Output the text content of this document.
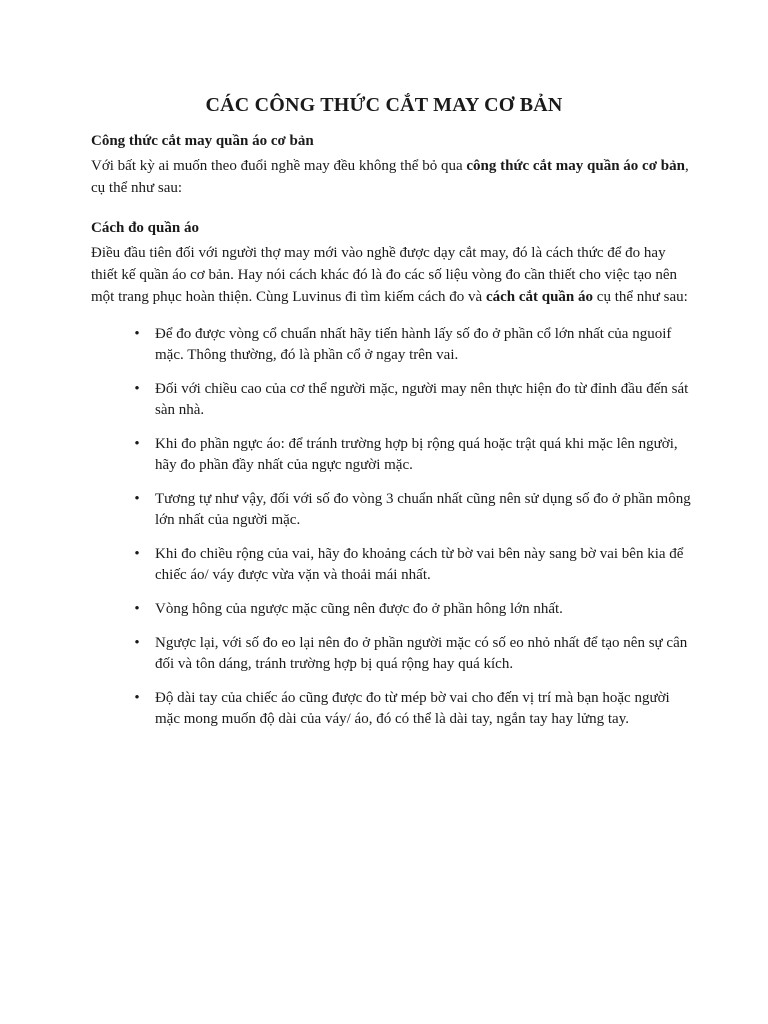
CÁC CÔNG THỨC CẮT MAY CƠ BẢN

Công thức cắt may quần áo cơ bản

Với bất kỳ ai muốn theo đuổi nghề may đều không thể bỏ qua công thức cắt may quần áo cơ bản, cụ thể như sau:

Cách đo quần áo

Điều đầu tiên đối với người thợ may mới vào nghề được dạy cắt may, đó là cách thức để đo hay thiết kế quần áo cơ bản. Hay nói cách khác đó là đo các số liệu vòng đo cần thiết cho việc tạo nên một trang phục hoàn thiện. Cùng Luvinus đi tìm kiếm cách đo và cách cắt quần áo cụ thể như sau:

• Để đo được vòng cổ chuẩn nhất hãy tiến hành lấy số đo ở phần cổ lớn nhất của nguoif mặc. Thông thường, đó là phần cổ ở ngay trên vai.
• Đối với chiều cao của cơ thể người mặc, người may nên thực hiện đo từ đỉnh đầu đến sát sàn nhà.
• Khi đo phần ngực áo: để tránh trường hợp bị rộng quá hoặc trật quá khi mặc lên người, hãy đo phần đầy nhất của ngực người mặc.
• Tương tự như vậy, đối với số đo vòng 3 chuẩn nhất cũng nên sử dụng số đo ở phần mông lớn nhất của người mặc.
• Khi đo chiều rộng của vai, hãy đo khoảng cách từ bờ vai bên này sang bờ vai bên kia để chiếc áo/ váy được vừa vặn và thoải mái nhất.
• Vòng hông của ngược mặc cũng nên được đo ở phần hông lớn nhất.
• Ngược lại, với số đo eo lại nên đo ở phần người mặc có số eo nhỏ nhất để tạo nên sự cân đối và tôn dáng, tránh trường hợp bị quá rộng hay quá kích.
• Độ dài tay của chiếc áo cũng được đo từ mép bờ vai cho đến vị trí mà bạn hoặc người mặc mong muốn độ dài của váy/ áo, đó có thể là dài tay, ngắn tay hay lửng tay.
